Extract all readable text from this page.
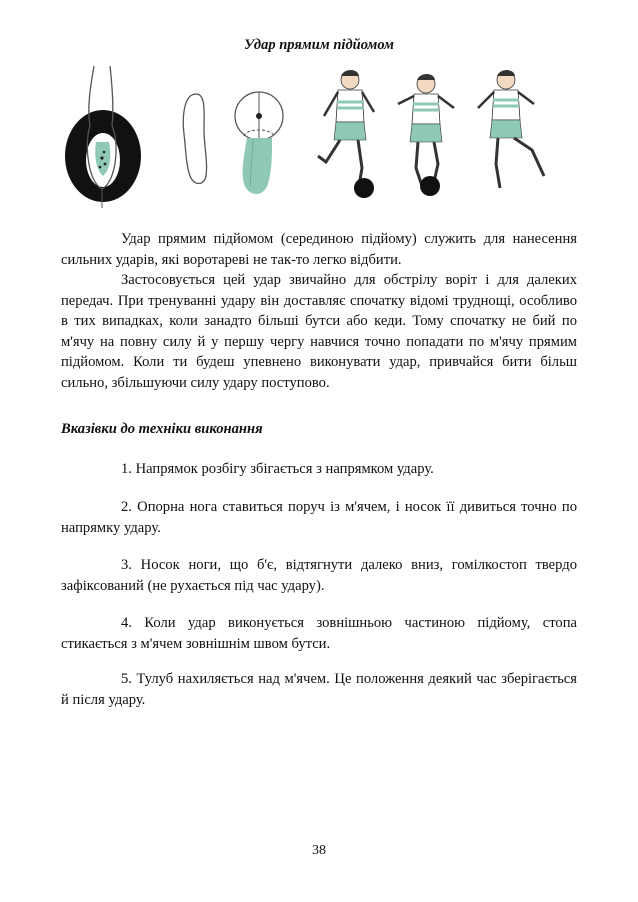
Удар прямим підйомом

Удар прямим підйомом (серединою підйому) служить для нанесення сильних ударів, які воротареві не так-то легко відбити.

Застосовується цей удар звичайно для обстрілу воріт і для далеких передач. При тренуванні удару він доставляє спочатку відомі труднощі, особливо в тих випадках, коли занадто більші бутси або кеди. Тому спочатку не бий по м'ячу на повну силу й у першу чергу навчися точно попадати по м'ячу прямим підйомом. Коли ти будеш упевнено виконувати удар, привчайся бити більш сильно, збільшуючи силу удару поступово.

Вказівки до техніки виконання

1. Напрямок розбігу збігається з напрямком удару.

2. Опорна нога ставиться поруч із м'ячем, і носок її дивиться точно по напрямку удару.

3. Носок ноги, що б'є, відтягнути далеко вниз, гомілкостоп твердо зафіксований (не рухається під час удару).

4. Коли удар виконується зовнішньою частиною підйому, стопа стикається з м'ячем зовнішнім швом бутси.

5. Тулуб нахиляється над м'ячем. Це положення деякий час зберігається й після удару.

38
